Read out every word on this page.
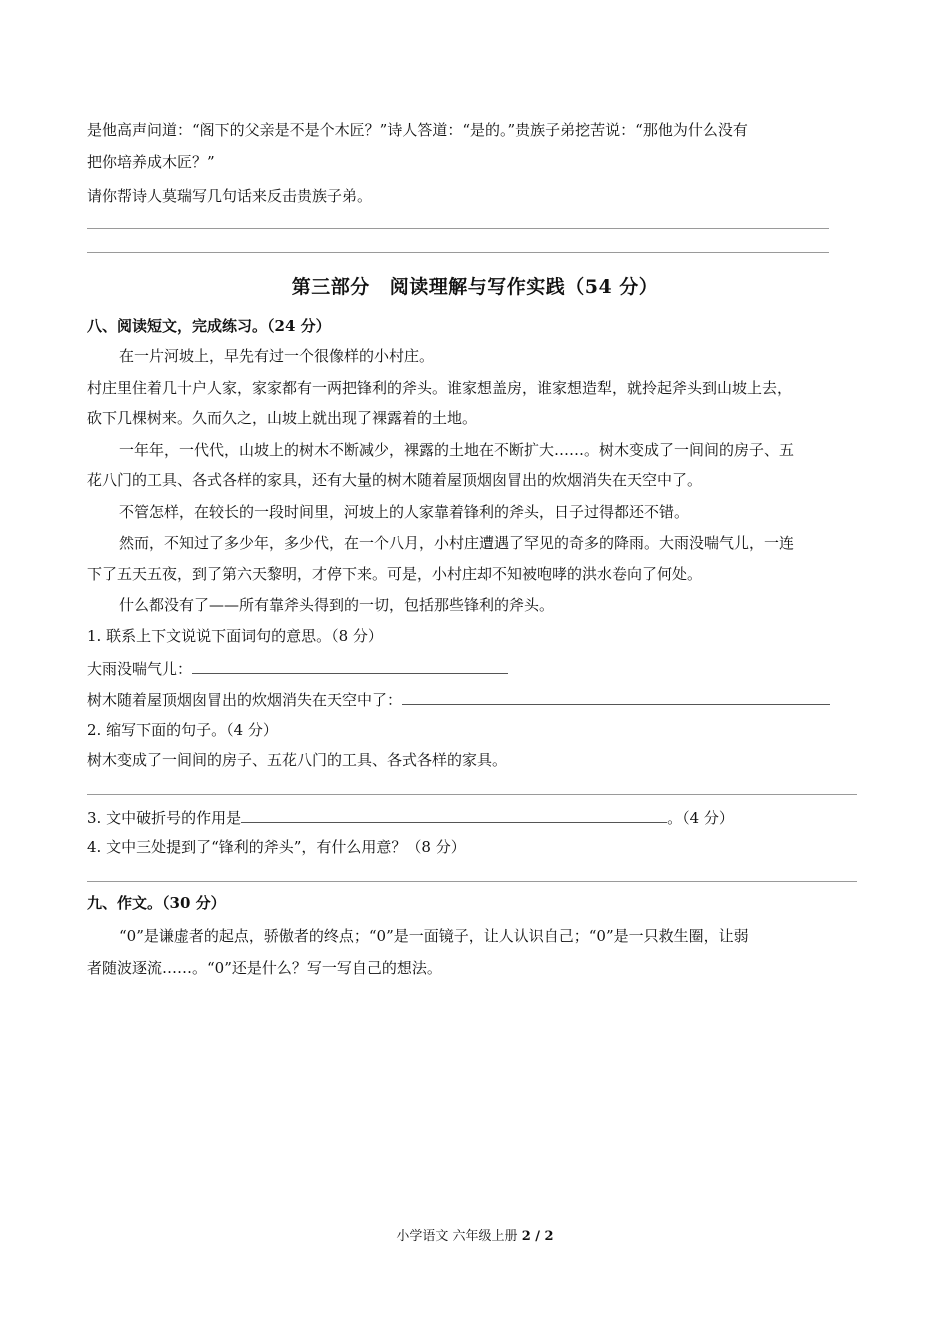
是他高声问道：“阁下的父亲是不是个木匠？”诗人答道：“是的。”贵族子弟挖苦说：“那他为什么没有
把你培养成木匠？”
请你帮诗人莫瑞写几句话来反击贵族子弟。
第三部分 阅读理解与写作实践（54 分）
八、阅读短文，完成练习。（24 分）
在一片河坡上，早先有过一个很像样的小村庄。
村庄里住着几十户人家，家家都有一两把锋利的斧头。谁家想盖房，谁家想造犁，就拎起斧头到山坡上去，
砍下几棵树来。久而久之，山坡上就出现了裸露着的土地。
一年年，一代代，山坡上的树木不断减少，裸露的土地在不断扩大……。树木变成了一间间的房子、五
花八门的工具、各式各样的家具，还有大量的树木随着屋顶烟囱冒出的炊烟消失在天空中了。
不管怎样，在较长的一段时间里，河坡上的人家靠着锋利的斧头，日子过得都还不错。
然而，不知过了多少年，多少代，在一个八月，小村庄遭遇了罕见的奇多的降雨。大雨没喘气儿，一连
下了五天五夜，到了第六天黎明，才停下来。可是，小村庄却不知被咆哮的洪水卷向了何处。
什么都没有了——所有靠斧头得到的一切，包括那些锋利的斧头。
1. 联系上下文说说下面词句的意思。（8 分）
大雨没喘气儿：
树木随着屋顶烟囱冒出的炊烟消失在天空中了：
2. 缩写下面的句子。（4 分）
树木变成了一间间的房子、五花八门的工具、各式各样的家具。
3. 文中破折号的作用是	。（4 分）
4. 文中三处提到了“锋利的斧头”，有什么用意？（8 分）
九、作文。（30 分）
“0”是谦虚者的起点，骄傲者的终点；“0”是一面镜子，让人认识自己；“0”是一只救生圈，让弱
者随波逐流……。“0”还是什么？写一写自己的想法。
小学语文 六年级上册 2 / 2
